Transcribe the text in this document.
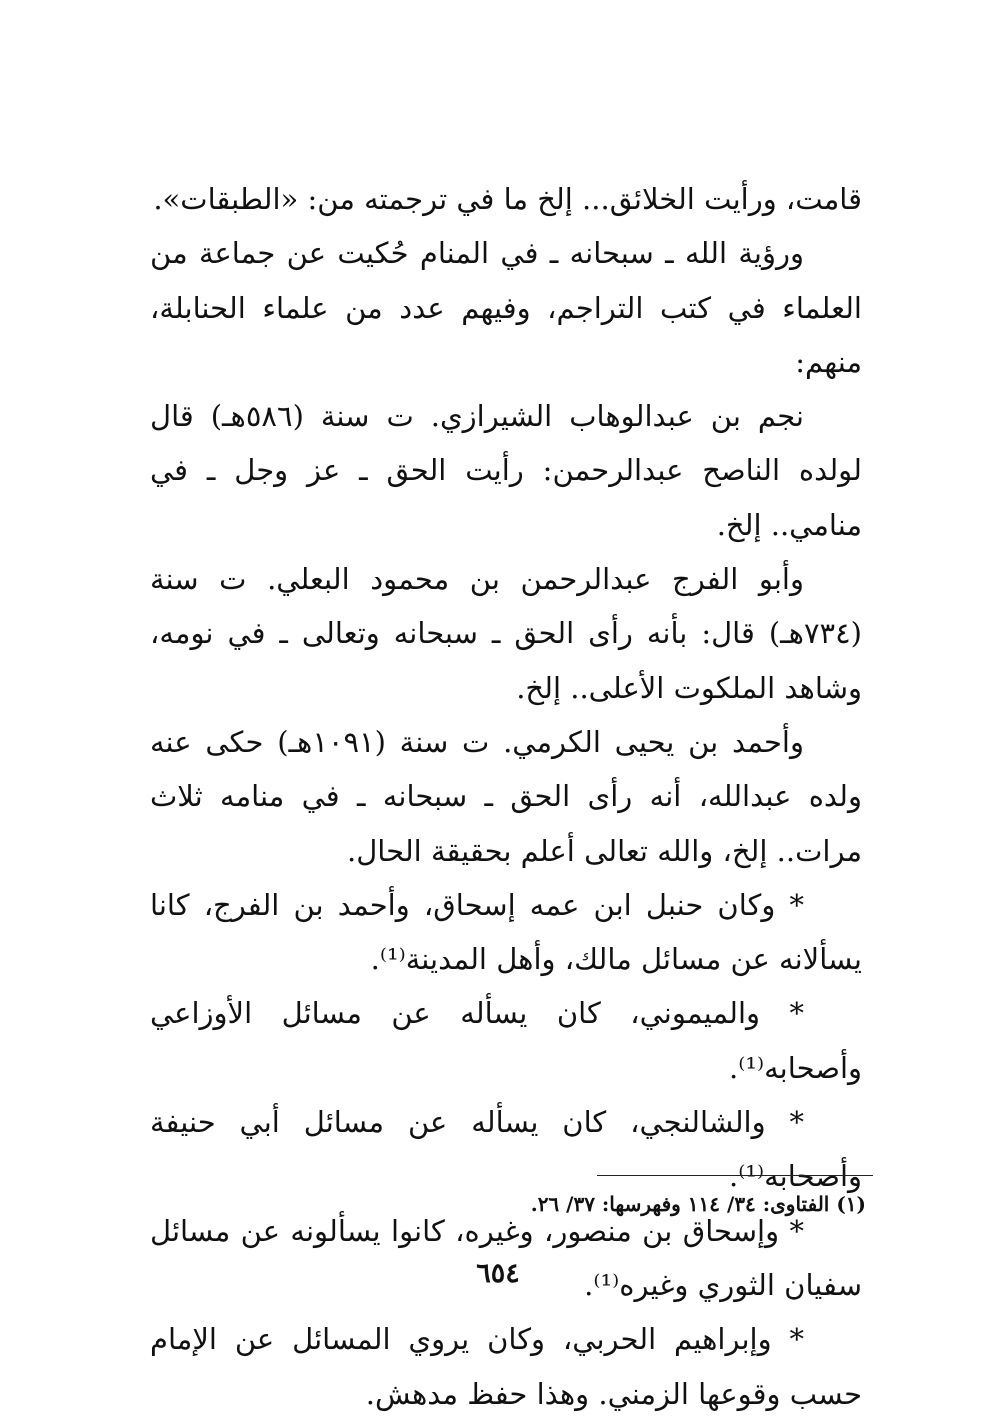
قامت، ورأيت الخلائق... إلخ ما في ترجمته من: «الطبقات».

ورؤية الله ـ سبحانه ـ في المنام حُكيت عن جماعة من العلماء في كتب التراجم، وفيهم عدد من علماء الحنابلة، منهم:

نجم بن عبدالوهاب الشيرازي. ت سنة (٥٨٦هـ) قال لولده الناصح عبدالرحمن: رأيت الحق ـ عز وجل ـ في منامي.. إلخ.

وأبو الفرج عبدالرحمن بن محمود البعلي. ت سنة (٧٣٤هـ) قال: بأنه رأى الحق ـ سبحانه وتعالى ـ في نومه، وشاهد الملكوت الأعلى.. إلخ.

وأحمد بن يحيى الكرمي. ت سنة (١٠٩١هـ) حكى عنه ولده عبدالله، أنه رأى الحق ـ سبحانه ـ في منامه ثلاث مرات.. إلخ، والله تعالى أعلم بحقيقة الحال.

* وكان حنبل ابن عمه إسحاق، وأحمد بن الفرج، كانا يسألانه عن مسائل مالك، وأهل المدينة⁽¹⁾.

* والميموني، كان يسأله عن مسائل الأوزاعي وأصحابه⁽¹⁾.

* والشالنجي، كان يسأله عن مسائل أبي حنيفة وأصحابه⁽¹⁾.

* وإسحاق بن منصور، وغيره، كانوا يسألونه عن مسائل سفيان الثوري وغيره⁽¹⁾.

* وإبراهيم الحربي، وكان يروي المسائل عن الإمام حسب وقوعها الزمني. وهذا حفظ مدهش.

(١) الفتاوى: ٣٤/ ١١٤ وفهرسها: ٣٧/ ٢٦.
٦٥٤
